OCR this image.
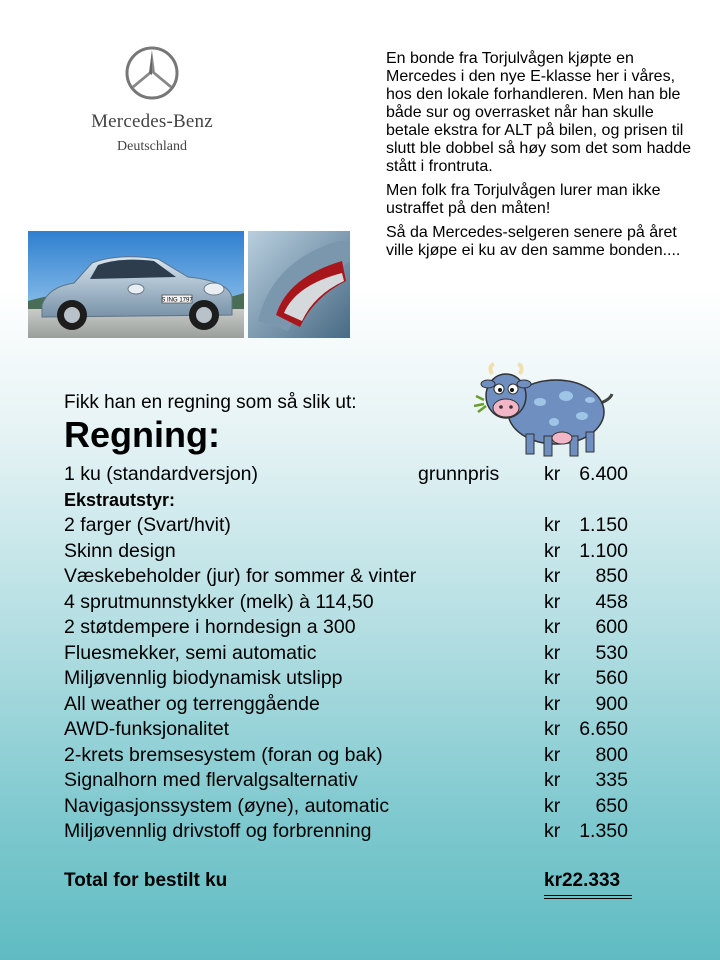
Mercedes-Benz
Deutschland
S ING 1797

En bonde fra Torjulvågen kjøpte en Mercedes i den nye E-klasse her i våres, hos den lokale forhandleren. Men han ble både sur og overrasket når han skulle betale ekstra for ALT på bilen, og prisen til slutt ble dobbel så høy som det som hadde stått i frontruta.

Men folk fra Torjulvågen lurer man ikke ustraffet på den måten!

Så da Mercedes-selgeren senere på året ville kjøpe ei ku av den samme bonden....

Fikk han en regning som så slik ut:
Regning:
1 ku (standardversjon)	grunnpris kr 6.400
Ekstrautstyr:
2 farger (Svart/hvit)	kr 1.150
Skinn design	kr 1.100
Væskebeholder (jur) for sommer & vinter	kr 850
4 sprutmunnstykker (melk) à 114,50	kr 458
2 støtdempere i horndesign a 300	kr 600
Fluesmekker, semi automatic	kr 530
Miljøvennlig biodynamisk utslipp	kr 560
All weather og terrenggående	kr 900
AWD-funksjonalitet	kr 6.650
2-krets bremsesystem (foran og bak)	kr 800
Signalhorn med flervalgsalternativ	kr 335
Navigasjonssystem (øyne), automatic	kr 650
Miljøvennlig drivstoff og forbrenning	kr 1.350
Total for bestilt ku	kr22.333
